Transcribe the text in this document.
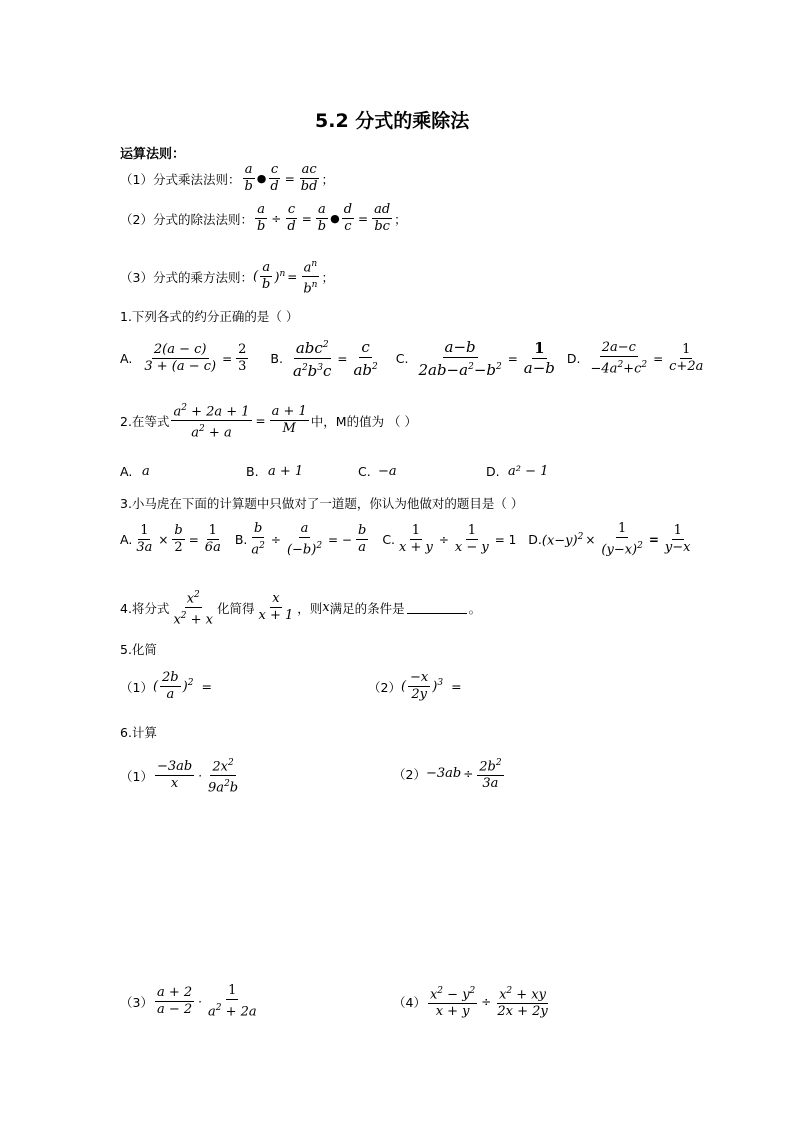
5.2 分式的乘除法
运算法则：
（1）分式乘法法则： $\frac{a}{b}$ ● $\frac{c}{d} = \frac{ac}{bd}$ ；
（2）分式的除法法则： $\frac{a}{b} \div \frac{c}{d} = \frac{a}{b}$ ● $\frac{d}{c} = \frac{ad}{bc}$ ；
（3）分式的乘方法则： ( $\frac{a}{b} )^n = \frac{a^n}{b^n}$ ；
1.下列各式的约分正确的是（ ）
A. $\frac{2(a - c)}{3 + (a - c)} = \frac{2}{3} B$. $\frac{abc^2}{a^2b^3c} = \frac{c}{ab^2} C$. $\frac{a-b}{2ab-a^2-b^2} = \frac{1}{a-b} D$. $\frac{2a-c}{-4a^2+c^2} = \frac{1}{c+2a}$
2.在等式 $\frac{a^2 + 2a + 1}{a^2 + a} = \frac{a + 1}{M}$ 中，M的值为 （ ）
A. a	B. a + 1	C. −a	D. a² − 1
3.小马虎在下面的计算题中只做对了一道题，你认为他做对的题目是（ ）
A. $\frac{1}{3a} \times \frac{b}{2} = \frac{1}{6a} B$. $\frac{b}{a^2} \div \frac{a}{(-b)^2}$ = − $\frac{b}{a} C$. $\frac{1}{x + y} \div \frac{1}{x - y} = 1$ D. $(x-y)^2 \times \frac{1}{(y-x)^2} = \frac{1}{y-x}$
4.将分式 $\frac{x^2}{x^2 + x}$ 化简得 $\frac{x}{x + 1}$ ，则 x 满足的条件是	。
5.化简
（1） ( $\frac{2b}{a} )^2$ =	（2） ( $\frac{-x}{2y} )^3$ =
6.计算
$(1) \frac{-3ab}{x} \cdot \frac{2x^2}{9a^2b}$	$(2) -3ab \div \frac{2b^2}{3a}$
$(3) \frac{a + 2}{a - 2} \cdot \frac{1}{a^2 + 2a}$	$(4) \frac{x^2 - y^2}{x + y} \div \frac{x^2 + xy}{2x + 2y}$
